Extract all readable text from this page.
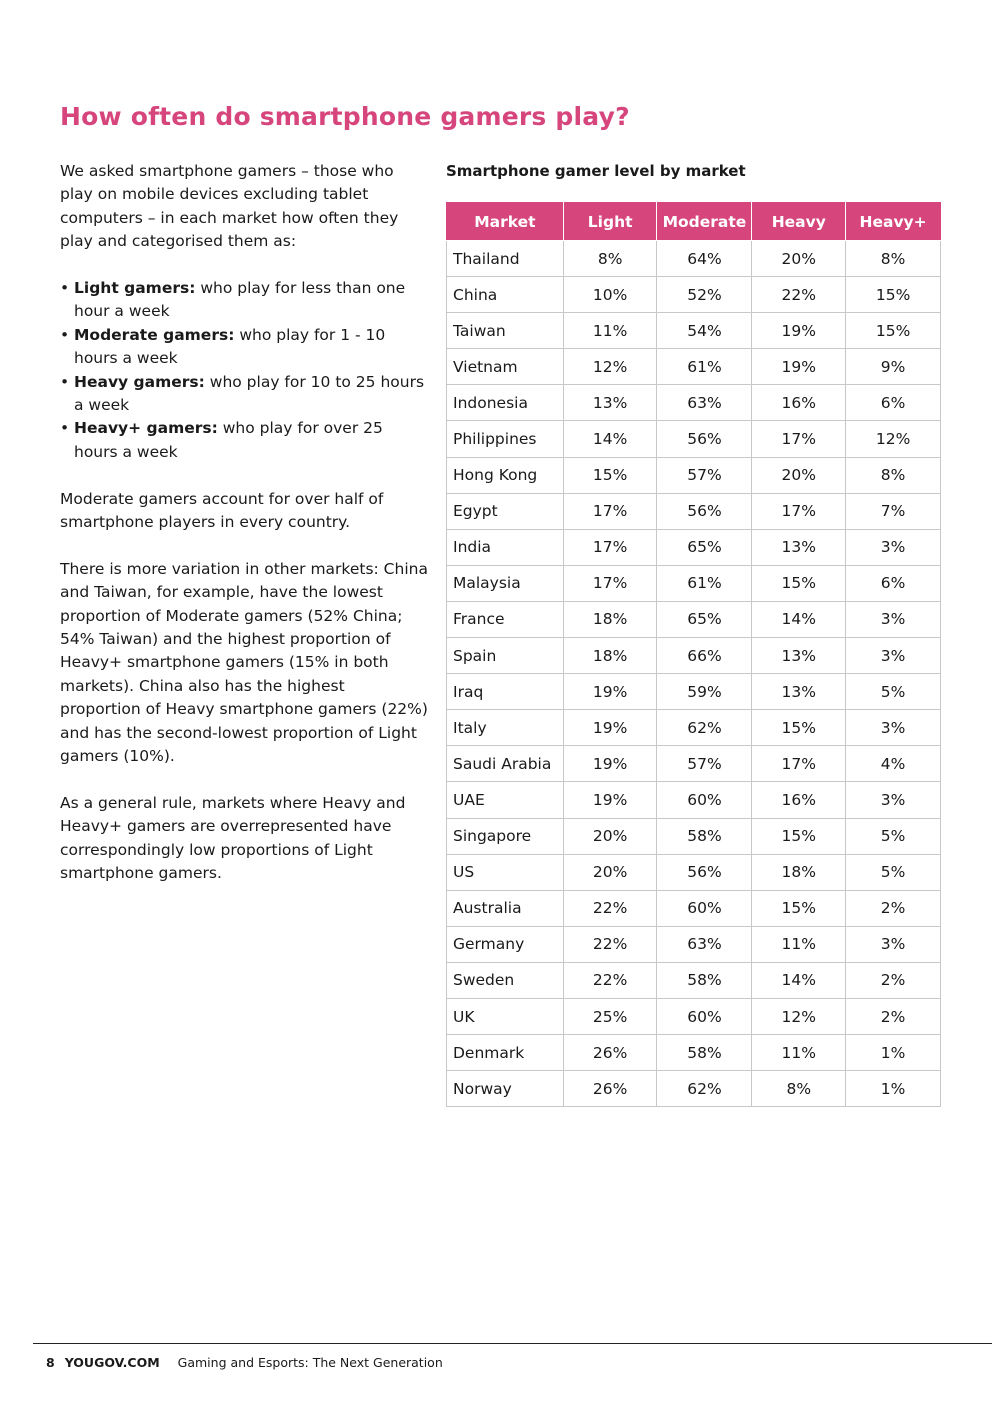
How often do smartphone gamers play?

We asked smartphone gamers – those who play on mobile devices excluding tablet computers – in each market how often they play and categorised them as:

• Light gamers: who play for less than one hour a week
• Moderate gamers: who play for 1 - 10 hours a week
• Heavy gamers: who play for 10 to 25 hours a week
• Heavy+ gamers: who play for over 25 hours a week

Moderate gamers account for over half of smartphone players in every country.

There is more variation in other markets: China and Taiwan, for example, have the lowest proportion of Moderate gamers (52% China; 54% Taiwan) and the highest proportion of Heavy+ smartphone gamers (15% in both markets). China also has the highest proportion of Heavy smartphone gamers (22%) and has the second-lowest proportion of Light gamers (10%).

As a general rule, markets where Heavy and Heavy+ gamers are overrepresented have correspondingly low proportions of Light smartphone gamers.

Smartphone gamer level by market
Market	Light	Moderate	Heavy	Heavy+
Thailand	8%	64%	20%	8%
China	10%	52%	22%	15%
Taiwan	11%	54%	19%	15%
Vietnam	12%	61%	19%	9%
Indonesia	13%	63%	16%	6%
Philippines	14%	56%	17%	12%
Hong Kong	15%	57%	20%	8%
Egypt	17%	56%	17%	7%
India	17%	65%	13%	3%
Malaysia	17%	61%	15%	6%
France	18%	65%	14%	3%
Spain	18%	66%	13%	3%
Iraq	19%	59%	13%	5%
Italy	19%	62%	15%	3%
Saudi Arabia	19%	57%	17%	4%
UAE	19%	60%	16%	3%
Singapore	20%	58%	15%	5%
US	20%	56%	18%	5%
Australia	22%	60%	15%	2%
Germany	22%	63%	11%	3%
Sweden	22%	58%	14%	2%
UK	25%	60%	12%	2%
Denmark	26%	58%	11%	1%
Norway	26%	62%	8%	1%
8 YOUGOV.COM Gaming and Esports: The Next Generation
